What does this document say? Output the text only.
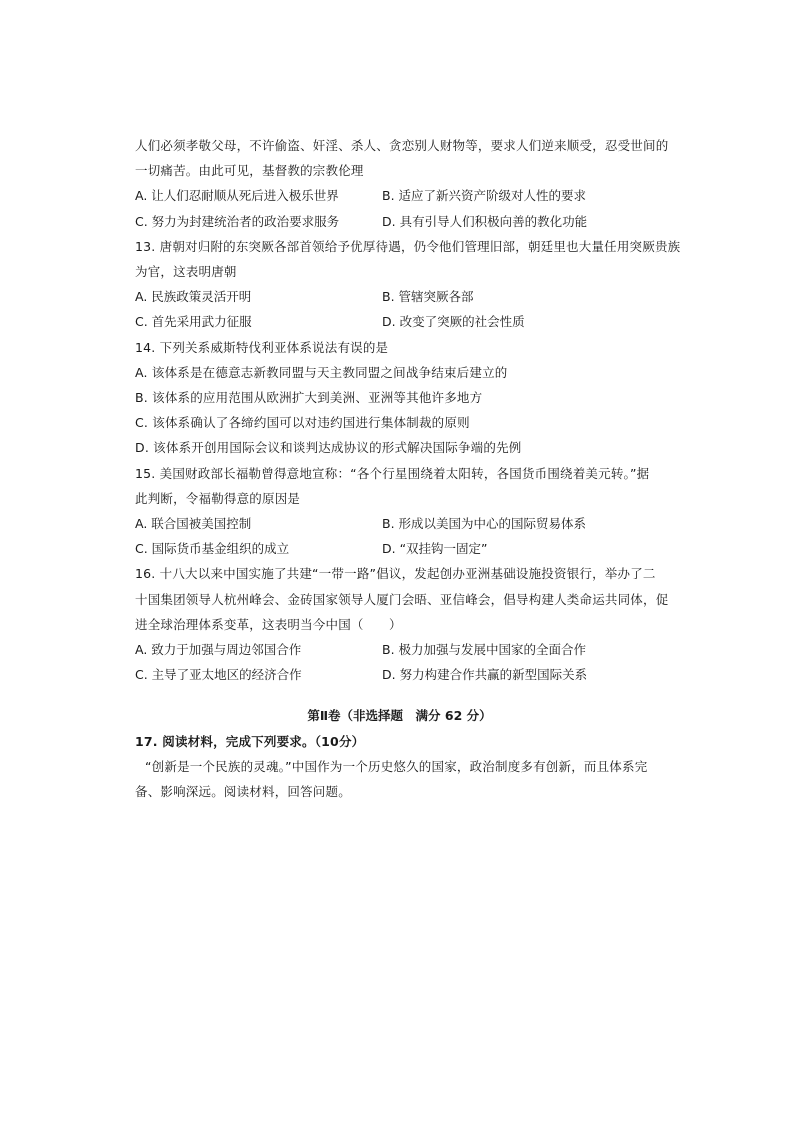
人们必须孝敬父母，不许偷盗、奸淫、杀人、贪恋别人财物等，要求人们逆来顺受，忍受世间的
一切痛苦。由此可见，基督教的宗教伦理
A. 让人们忍耐顺从死后进入极乐世界	B. 适应了新兴资产阶级对人性的要求
C. 努力为封建统治者的政治要求服务	D. 具有引导人们积极向善的教化功能
13. 唐朝对归附的东突厥各部首领给予优厚待遇，仍令他们管理旧部，朝廷里也大量任用突厥贵族
为官，这表明唐朝
A. 民族政策灵活开明	B. 管辖突厥各部
C. 首先采用武力征服	D. 改变了突厥的社会性质
14. 下列关系威斯特伐利亚体系说法有误的是
A. 该体系是在德意志新教同盟与天主教同盟之间战争结束后建立的
B. 该体系的应用范围从欧洲扩大到美洲、亚洲等其他许多地方
C. 该体系确认了各缔约国可以对违约国进行集体制裁的原则
D. 该体系开创用国际会议和谈判达成协议的形式解决国际争端的先例
15. 美国财政部长福勒曾得意地宣称：“各个行星围绕着太阳转，各国货币围绕着美元转。”据
此判断，令福勒得意的原因是
A. 联合国被美国控制	B. 形成以美国为中心的国际贸易体系
C. 国际货币基金组织的成立	D. “双挂钩一固定”
16. 十八大以来中国实施了共建“一带一路”倡议，发起创办亚洲基础设施投资银行，举办了二
十国集团领导人杭州峰会、金砖国家领导人厦门会晤、亚信峰会，倡导构建人类命运共同体，促
进全球治理体系变革，这表明当今中国（　　）
A. 致力于加强与周边邻国合作	B. 极力加强与发展中国家的全面合作
C. 主导了亚太地区的经济合作	D. 努力构建合作共赢的新型国际关系
第Ⅱ卷（非选择题　满分 62 分）
17. 阅读材料，完成下列要求。（10分）
“创新是一个民族的灵魂。”中国作为一个历史悠久的国家，政治制度多有创新，而且体系完
备、影响深远。阅读材料，回答问题。
